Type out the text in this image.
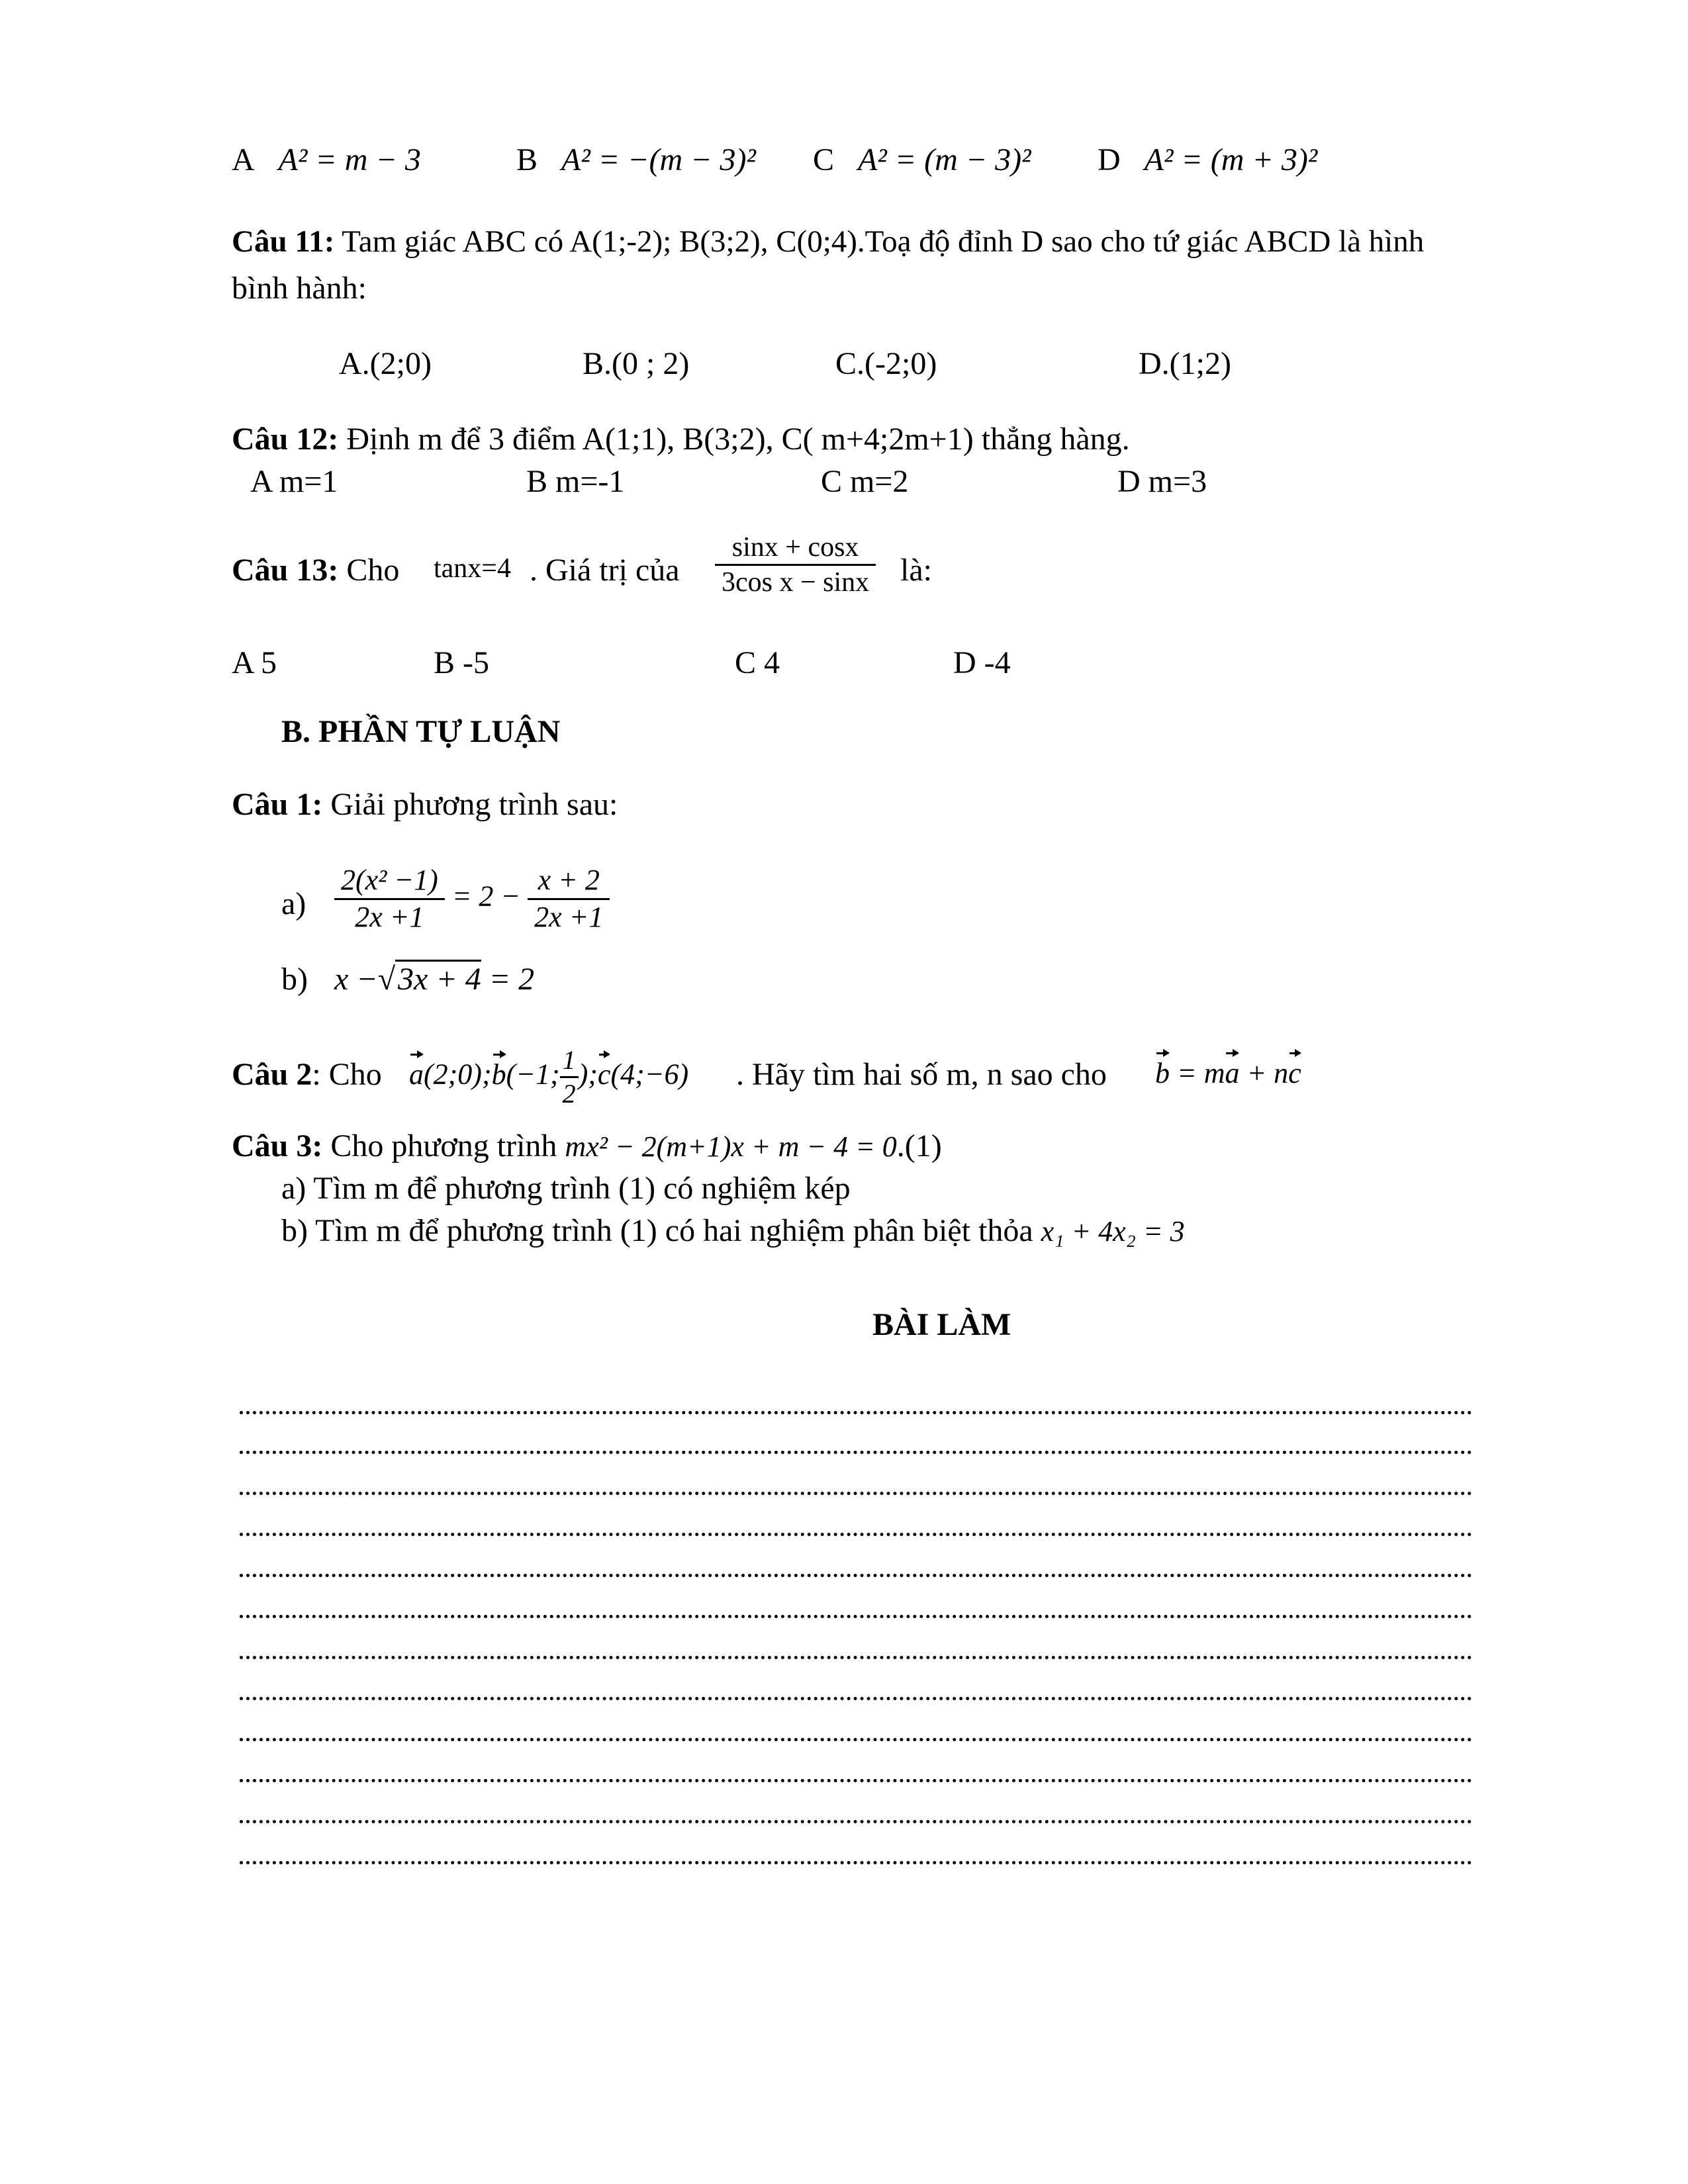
A A² = m − 3	B A² = −(m − 3)² C A² = (m − 3)² D A² = (m + 3)²
Câu 11: Tam giác ABC có A(1;-2); B(3;2), C(0;4).Toạ độ đỉnh D sao cho tứ giác ABCD là hình
bình hành:
A.(2;0)	B.(0 ; 2)	C.(-2;0)	D.(1;2)
Câu 12: Định m để 3 điểm A(1;1), B(3;2), C( m+4;2m+1) thẳng hàng.
A m=1	B m=-1	C m=2	D m=3
Câu 13: Cho tanx=4 . Giá trị của $\frac{\sin x + \cos x}{\text{3cos x − sinx}}$ là:
A 5	B -5	C 4	D -4
B. PHẦN TỰ LUẬN
Câu 1: Giải phương trình sau:
$a) \frac{\text{2(x² −1)}}{2x +1} = 2 - \frac{x + 2}{2x +1}$
b) x −√3x + 4 = 2
Câu 2: Cho a(2;0);b(−1; $\frac{1}{2}$ );c(4;−6) . Hãy tìm hai số m, n sao cho b = ma + nc
Câu 3: Cho phương trình mx² − 2(m+1)x + m − 4 = 0.(1)
a) Tìm m để phương trình (1) có nghiệm kép
b) Tìm m để phương trình (1) có hai nghiệm phân biệt thỏa x₁ + 4x₂ = 3
BÀI LÀM
